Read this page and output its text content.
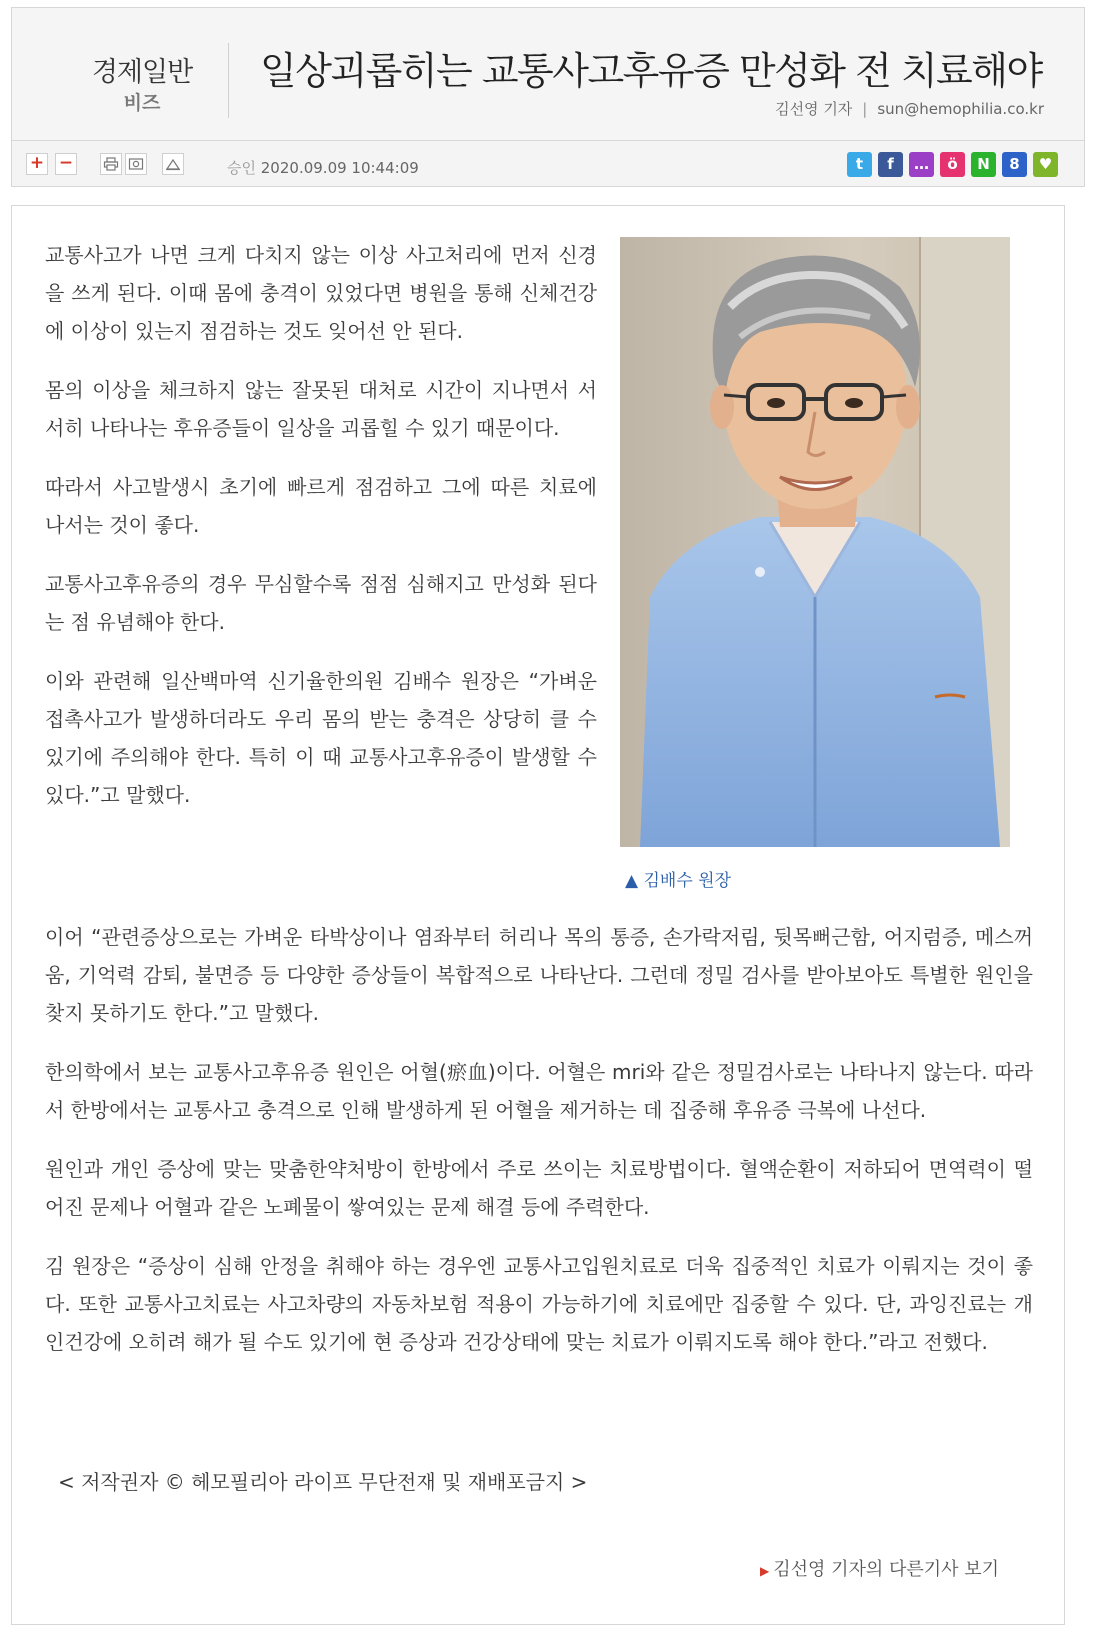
경제일반
비즈
일상괴롭히는 교통사고후유증 만성화 전 치료해야
김선영 기자 | sun@hemophilia.co.kr
+ −	승인 2020.09.09 10:44:09	t	f	…	ö	N	8	♥

교통사고가 나면 크게 다치지 않는 이상 사고처리에 먼저 신경을 쓰게 된다. 이때 몸에 충격이 있었다면 병원을 통해 신체건강에 이상이 있는지 점검하는 것도 잊어선 안 된다.

몸의 이상을 체크하지 않는 잘못된 대처로 시간이 지나면서 서서히 나타나는 후유증들이 일상을 괴롭힐 수 있기 때문이다.

따라서 사고발생시 초기에 빠르게 점검하고 그에 따른 치료에 나서는 것이 좋다.

교통사고후유증의 경우 무심할수록 점점 심해지고 만성화 된다는 점 유념해야 한다.

이와 관련해 일산백마역 신기율한의원 김배수 원장은 “가벼운 접촉사고가 발생하더라도 우리 몸의 받는 충격은 상당히 클 수 있기에 주의해야 한다. 특히 이 때 교통사고후유증이 발생할 수 있다.”고 말했다.

▲ 김배수 원장

이어 “관련증상으로는 가벼운 타박상이나 염좌부터 허리나 목의 통증, 손가락저림, 뒷목뻐근함, 어지럼증, 메스꺼움, 기억력 감퇴, 불면증 등 다양한 증상들이 복합적으로 나타난다. 그런데 정밀 검사를 받아보아도 특별한 원인을 찾지 못하기도 한다.”고 말했다.

한의학에서 보는 교통사고후유증 원인은 어혈(瘀血)이다. 어혈은 mri와 같은 정밀검사로는 나타나지 않는다. 따라서 한방에서는 교통사고 충격으로 인해 발생하게 된 어혈을 제거하는 데 집중해 후유증 극복에 나선다.

원인과 개인 증상에 맞는 맞춤한약처방이 한방에서 주로 쓰이는 치료방법이다. 혈액순환이 저하되어 면역력이 떨어진 문제나 어혈과 같은 노폐물이 쌓여있는 문제 해결 등에 주력한다.

김 원장은 “증상이 심해 안정을 취해야 하는 경우엔 교통사고입원치료로 더욱 집중적인 치료가 이뤄지는 것이 좋다. 또한 교통사고치료는 사고차량의 자동차보험 적용이 가능하기에 치료에만 집중할 수 있다. 단, 과잉진료는 개인건강에 오히려 해가 될 수도 있기에 현 증상과 건강상태에 맞는 치료가 이뤄지도록 해야 한다.”라고 전했다.

< 저작권자 © 헤모필리아 라이프 무단전재 및 재배포금지 >
▶ 김선영 기자의 다른기사 보기
